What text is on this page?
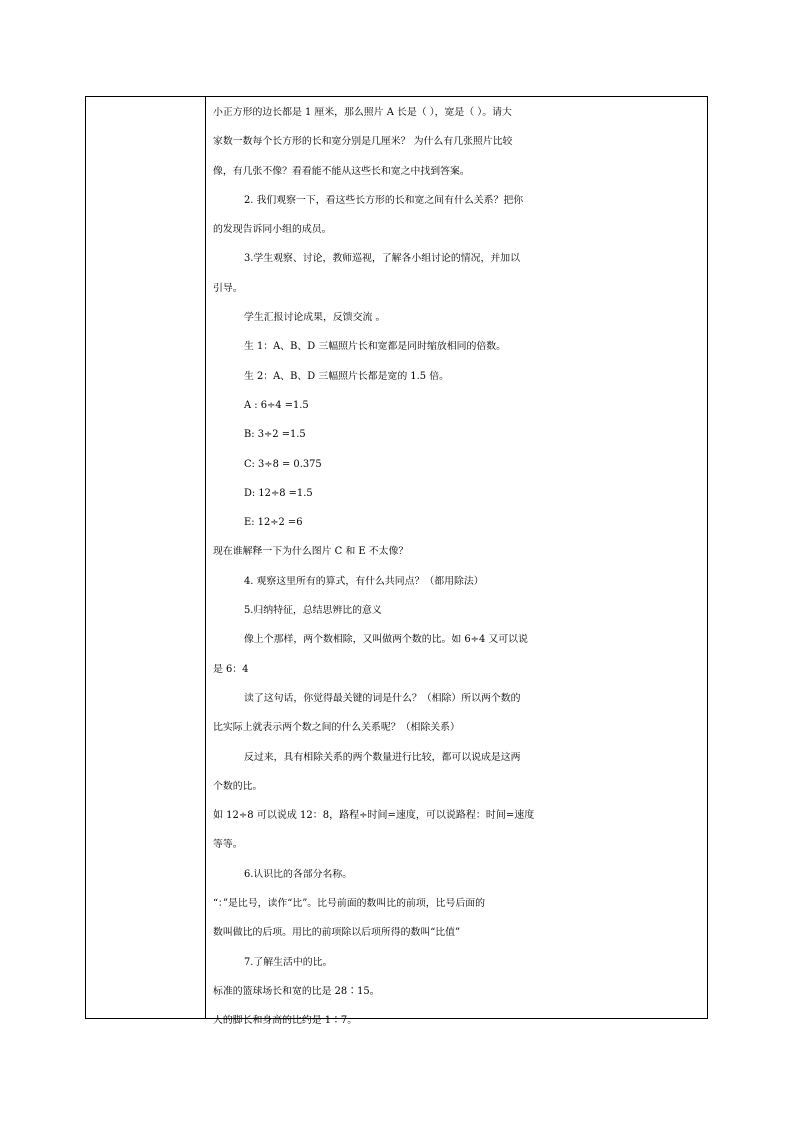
小正方形的边长都是 1 厘米，那么照片 A 长是（ ），宽是（ ）。请大
家数一数每个长方形的长和宽分别是几厘米？ 为什么有几张照片比较
像，有几张不像？看看能不能从这些长和宽之中找到答案。
2. 我们观察一下，看这些长方形的长和宽之间有什么关系？把你
的发现告诉同小组的成员。
3.学生观察、讨论，教师巡视，了解各小组讨论的情况，并加以
引导。
学生汇报讨论成果，反馈交流 。
生 1：A、B、D 三幅照片长和宽都是同时缩放相同的倍数。
生 2：A、B、D 三幅照片长都是宽的 1.5 倍。
A : 6÷4 =1.5
B: 3÷2 =1.5
C: 3÷8 = 0.375
D: 12÷8 =1.5
E: 12÷2 =6
现在谁解释一下为什么图片 C 和 E 不太像？
4. 观察这里所有的算式，有什么共同点？（都用除法）
5.归纳特征，总结思辨比的意义
像上个那样，两个数相除，又叫做两个数的比。如 6÷4 又可以说
是 6：4
读了这句话，你觉得最关键的词是什么？（相除）所以两个数的
比实际上就表示两个数之间的什么关系呢？（相除关系）
反过来，具有相除关系的两个数量进行比较，都可以说成是这两
个数的比。
如 12÷8 可以说成 12：8，路程÷时间=速度，可以说路程：时间=速度
等等。
6.认识比的各部分名称。
“：”是比号，读作“比”。比号前面的数叫比的前项，比号后面的
数叫做比的后项。用比的前项除以后项所得的数叫“比值”
7.了解生活中的比。
标准的篮球场长和宽的比是 28∶15。
人的脚长和身高的比约是 1∶7。
